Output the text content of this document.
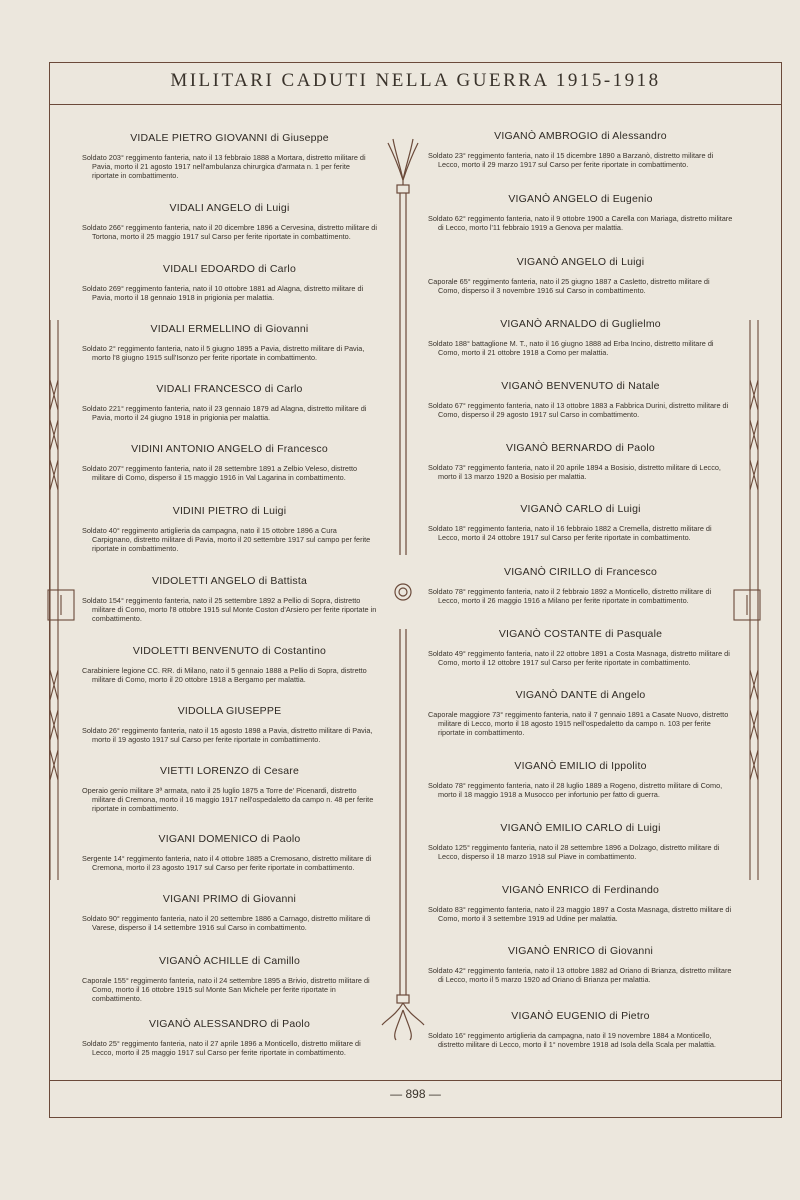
MILITARI CADUTI NELLA GUERRA 1915-1918
VIDALE PIETRO GIOVANNI di Giuseppe
Soldato 203° reggimento fanteria, nato il 13 febbraio 1888 a Mortara, distretto militare di Pavia, morto il 21 agosto 1917 nell'ambulanza chirurgica d'armata n. 1 per ferite riportate in combattimento.
VIDALI ANGELO di Luigi
Soldato 266° reggimento fanteria, nato il 20 dicembre 1896 a Cervesina, distretto militare di Tortona, morto il 25 maggio 1917 sul Carso per ferite riportate in combattimento.
VIDALI EDOARDO di Carlo
Soldato 269° reggimento fanteria, nato il 10 ottobre 1881 ad Alagna, distretto militare di Pavia, morto il 18 gennaio 1918 in prigionia per malattia.
VIDALI ERMELLINO di Giovanni
Soldato 2° reggimento fanteria, nato il 5 giugno 1895 a Pavia, distretto militare di Pavia, morto l'8 giugno 1915 sull'Isonzo per ferite riportate in combattimento.
VIDALI FRANCESCO di Carlo
Soldato 221° reggimento fanteria, nato il 23 gennaio 1879 ad Alagna, distretto militare di Pavia, morto il 24 giugno 1918 in prigionia per malattia.
VIDINI ANTONIO ANGELO di Francesco
Soldato 207° reggimento fanteria, nato il 28 settembre 1891 a Zelbio Veleso, distretto militare di Como, disperso il 15 maggio 1916 in Val Lagarina in combattimento.
VIDINI PIETRO di Luigi
Soldato 40° reggimento artiglieria da campagna, nato il 15 ottobre 1896 a Cura Carpignano, distretto militare di Pavia, morto il 20 settembre 1917 sul campo per ferite riportate in combattimento.
VIDOLETTI ANGELO di Battista
Soldato 154° reggimento fanteria, nato il 25 settembre 1892 a Pellio di Sopra, distretto militare di Como, morto l'8 ottobre 1915 sul Monte Coston d'Arsiero per ferite riportate in combattimento.
VIDOLETTI BENVENUTO di Costantino
Carabiniere legione CC. RR. di Milano, nato il 5 gennaio 1888 a Pellio di Sopra, distretto militare di Como, morto il 20 ottobre 1918 a Bergamo per malattia.
VIDOLLA GIUSEPPE
Soldato 26° reggimento fanteria, nato il 15 agosto 1898 a Pavia, distretto militare di Pavia, morto il 19 agosto 1917 sul Carso per ferite riportate in combattimento.
VIETTI LORENZO di Cesare
Operaio genio militare 3ª armata, nato il 25 luglio 1875 a Torre de' Picenardi, distretto militare di Cremona, morto il 16 maggio 1917 nell'ospedaletto da campo n. 48 per ferite riportate in combattimento.
VIGANI DOMENICO di Paolo
Sergente 14° reggimento fanteria, nato il 4 ottobre 1885 a Cremosano, distretto militare di Cremona, morto il 23 agosto 1917 sul Carso per ferite riportate in combattimento.
VIGANI PRIMO di Giovanni
Soldato 90° reggimento fanteria, nato il 20 settembre 1886 a Carnago, distretto militare di Varese, disperso il 14 settembre 1916 sul Carso in combattimento.
VIGANÒ ACHILLE di Camillo
Caporale 155° reggimento fanteria, nato il 24 settembre 1895 a Brivio, distretto militare di Como, morto il 16 ottobre 1915 sul Monte San Michele per ferite riportate in combattimento.
VIGANÒ ALESSANDRO di Paolo
Soldato 25° reggimento fanteria, nato il 27 aprile 1896 a Monticello, distretto militare di Lecco, morto il 25 maggio 1917 sul Carso per ferite riportate in combattimento.
VIGANÒ AMBROGIO di Alessandro
Soldato 23° reggimento fanteria, nato il 15 dicembre 1890 a Barzanò, distretto militare di Lecco, morto il 29 marzo 1917 sul Carso per ferite riportate in combattimento.
VIGANÒ ANGELO di Eugenio
Soldato 62° reggimento fanteria, nato il 9 ottobre 1900 a Carella con Mariaga, distretto militare di Lecco, morto l'11 febbraio 1919 a Genova per malattia.
VIGANÒ ANGELO di Luigi
Caporale 65° reggimento fanteria, nato il 25 giugno 1887 a Casletto, distretto militare di Como, disperso il 3 novembre 1916 sul Carso in combattimento.
VIGANÒ ARNALDO di Guglielmo
Soldato 188° battaglione M. T., nato il 16 giugno 1888 ad Erba Incino, distretto militare di Como, morto il 21 ottobre 1918 a Como per malattia.
VIGANÒ BENVENUTO di Natale
Soldato 67° reggimento fanteria, nato il 13 ottobre 1883 a Fabbrica Durini, distretto militare di Como, disperso il 29 agosto 1917 sul Carso in combattimento.
VIGANÒ BERNARDO di Paolo
Soldato 73° reggimento fanteria, nato il 20 aprile 1894 a Bosisio, distretto militare di Lecco, morto il 13 marzo 1920 a Bosisio per malattia.
VIGANÒ CARLO di Luigi
Soldato 18° reggimento fanteria, nato il 16 febbraio 1882 a Cremella, distretto militare di Lecco, morto il 24 ottobre 1917 sul Carso per ferite riportate in combattimento.
VIGANÒ CIRILLO di Francesco
Soldato 78° reggimento fanteria, nato il 2 febbraio 1892 a Monticello, distretto militare di Lecco, morto il 26 maggio 1916 a Milano per ferite riportate in combattimento.
VIGANÒ COSTANTE di Pasquale
Soldato 49° reggimento fanteria, nato il 22 ottobre 1891 a Costa Masnaga, distretto militare di Como, morto il 12 ottobre 1917 sul Carso per ferite riportate in combattimento.
VIGANÒ DANTE di Angelo
Caporale maggiore 73° reggimento fanteria, nato il 7 gennaio 1891 a Casate Nuovo, distretto militare di Lecco, morto il 18 agosto 1915 nell'ospedaletto da campo n. 103 per ferite riportate in combattimento.
VIGANÒ EMILIO di Ippolito
Soldato 78° reggimento fanteria, nato il 28 luglio 1889 a Rogeno, distretto militare di Como, morto il 18 maggio 1918 a Musocco per infortunio per fatto di guerra.
VIGANÒ EMILIO CARLO di Luigi
Soldato 125° reggimento fanteria, nato il 28 settembre 1896 a Dolzago, distretto militare di Lecco, disperso il 18 marzo 1918 sul Piave in combattimento.
VIGANÒ ENRICO di Ferdinando
Soldato 83° reggimento fanteria, nato il 23 maggio 1897 a Costa Masnaga, distretto militare di Como, morto il 3 settembre 1919 ad Udine per malattia.
VIGANÒ ENRICO di Giovanni
Soldato 42° reggimento fanteria, nato il 13 ottobre 1882 ad Oriano di Brianza, distretto militare di Lecco, morto il 5 marzo 1920 ad Oriano di Brianza per malattia.
VIGANÒ EUGENIO di Pietro
Soldato 16° reggimento artiglieria da campagna, nato il 19 novembre 1884 a Monticello, distretto militare di Lecco, morto il 1° novembre 1918 ad Isola della Scala per malattia.
— 898 —
